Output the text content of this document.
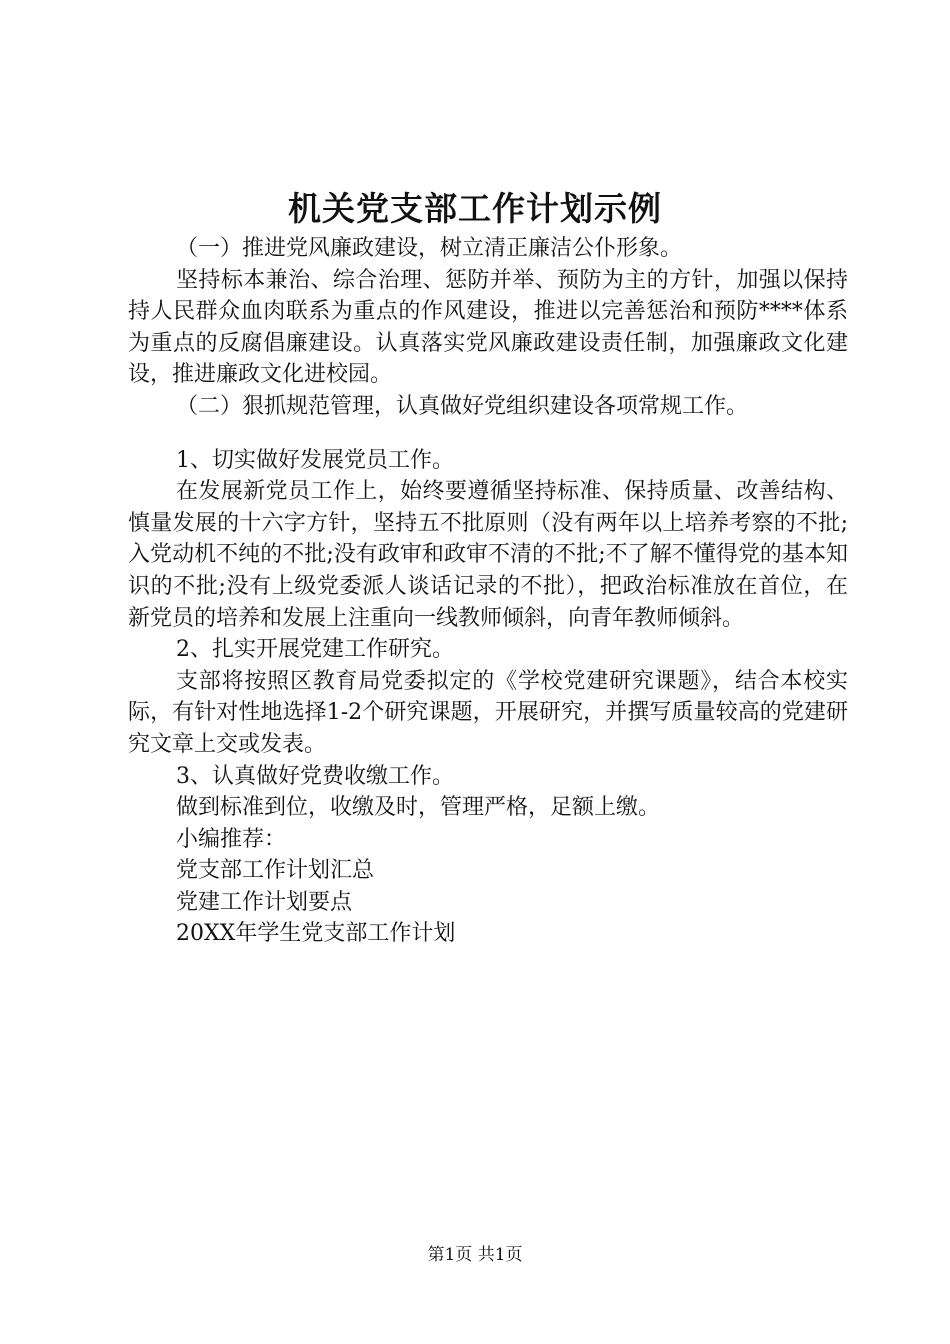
机关党支部工作计划示例

（一）推进党风廉政建设，树立清正廉洁公仆形象。

坚持标本兼治、综合治理、惩防并举、预防为主的方针，加强以保持持人民群众血肉联系为重点的作风建设，推进以完善惩治和预防****体系为重点的反腐倡廉建设。认真落实党风廉政建设责任制，加强廉政文化建设，推进廉政文化进校园。

（二）狠抓规范管理，认真做好党组织建设各项常规工作。

1、切实做好发展党员工作。

在发展新党员工作上，始终要遵循坚持标准、保持质量、改善结构、慎量发展的十六字方针，坚持五不批原则（没有两年以上培养考察的不批;入党动机不纯的不批;没有政审和政审不清的不批;不了解不懂得党的基本知识的不批;没有上级党委派人谈话记录的不批），把政治标准放在首位，在新党员的培养和发展上注重向一线教师倾斜，向青年教师倾斜。

2、扎实开展党建工作研究。

支部将按照区教育局党委拟定的《学校党建研究课题》，结合本校实际，有针对性地选择1-2个研究课题，开展研究，并撰写质量较高的党建研究文章上交或发表。

3、认真做好党费收缴工作。

做到标准到位，收缴及时，管理严格，足额上缴。

小编推荐：

党支部工作计划汇总

党建工作计划要点

20XX年学生党支部工作计划

第1页 共1页
